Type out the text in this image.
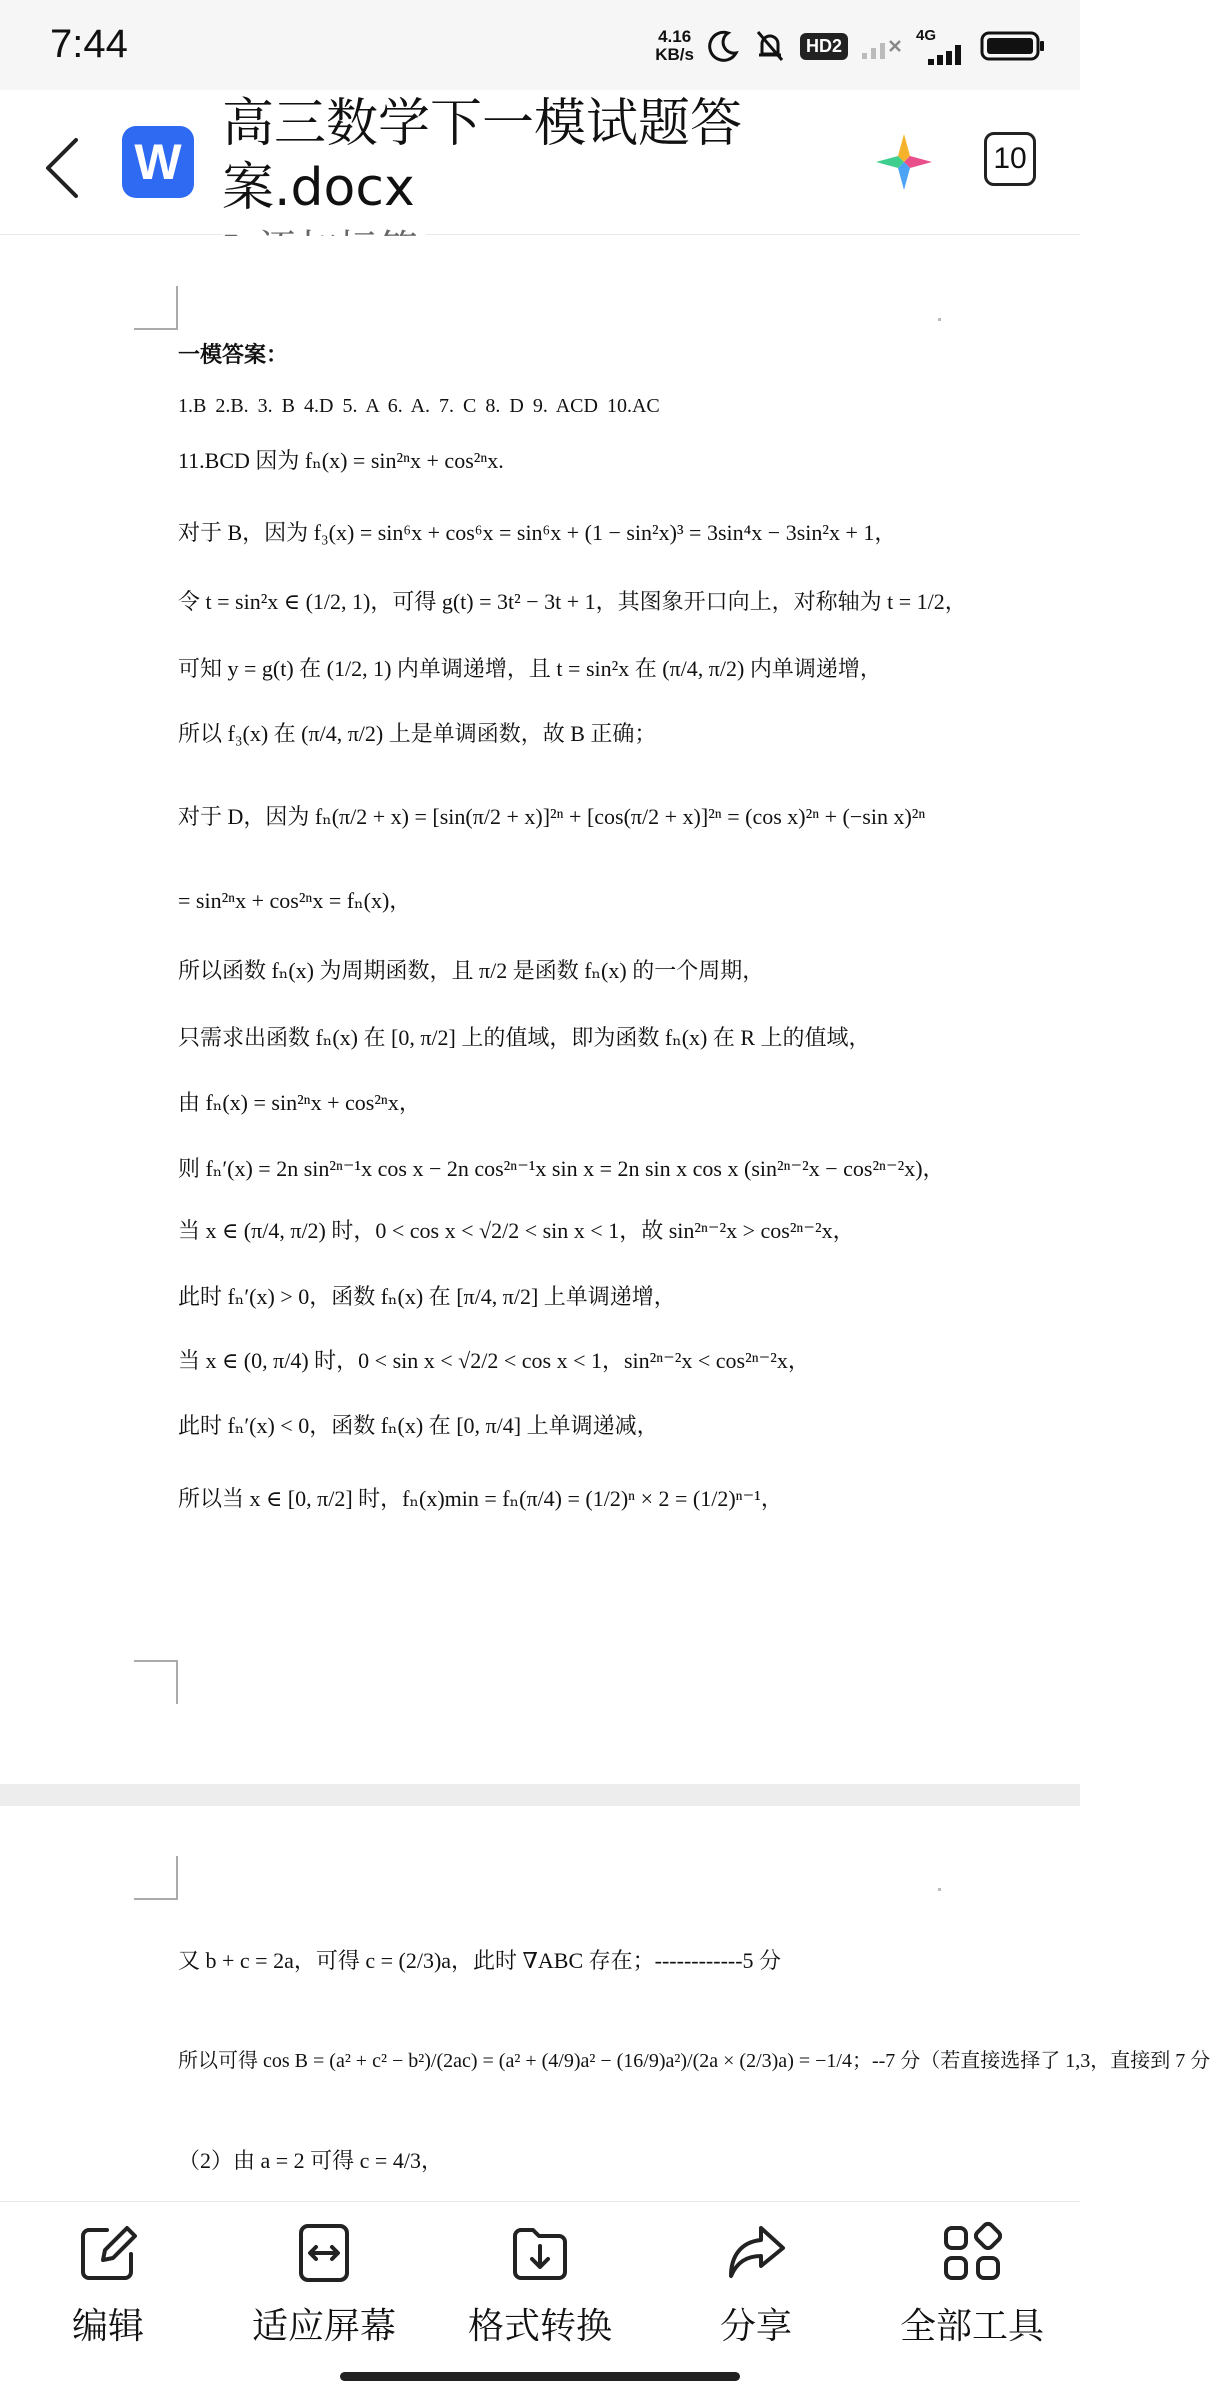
7:44	4.16
KB/s	HD2
4G
W
高三数学下一模试题答案.docx	10
一模答案：
1.B 2.B. 3. B 4.D 5. A 6. A. 7. C 8. D 9. ACD 10.AC
11.BCD 因为 fₙ(x) = sin²ⁿx + cos²ⁿx.
对于 B，因为 f₃(x) = sin⁶x + cos⁶x = sin⁶x + (1 − sin²x)³ = 3sin⁴x − 3sin²x + 1，
令 t = sin²x ∈ (1/2, 1)，可得 g(t) = 3t² − 3t + 1，其图象开口向上，对称轴为 t = 1/2，
可知 y = g(t) 在 (1/2, 1) 内单调递增，且 t = sin²x 在 (π/4, π/2) 内单调递增，
所以 f₃(x) 在 (π/4, π/2) 上是单调函数，故 B 正确；
对于 D，因为 fₙ(π/2 + x) = [sin(π/2 + x)]²ⁿ + [cos(π/2 + x)]²ⁿ = (cos x)²ⁿ + (−sin x)²ⁿ
= sin²ⁿx + cos²ⁿx = fₙ(x)，
所以函数 fₙ(x) 为周期函数，且 π/2 是函数 fₙ(x) 的一个周期，
只需求出函数 fₙ(x) 在 [0, π/2] 上的值域，即为函数 fₙ(x) 在 R 上的值域，
由 fₙ(x) = sin²ⁿx + cos²ⁿx，
则 fₙ′(x) = 2n sin²ⁿ⁻¹x cos x − 2n cos²ⁿ⁻¹x sin x = 2n sin x cos x (sin²ⁿ⁻²x − cos²ⁿ⁻²x)，
当 x ∈ (π/4, π/2) 时，0 < cos x < √2/2 < sin x < 1，故 sin²ⁿ⁻²x > cos²ⁿ⁻²x，
此时 fₙ′(x) > 0，函数 fₙ(x) 在 [π/4, π/2] 上单调递增，
当 x ∈ (0, π/4) 时，0 < sin x < √2/2 < cos x < 1，sin²ⁿ⁻²x < cos²ⁿ⁻²x，
此时 fₙ′(x) < 0，函数 fₙ(x) 在 [0, π/4] 上单调递减，
所以当 x ∈ [0, π/2] 时，fₙ(x)min = fₙ(π/4) = (1/2)ⁿ × 2 = (1/2)ⁿ⁻¹，
又 b + c = 2a，可得 c = (2/3)a，此时 ∇ABC 存在；------------5 分
所以可得 cos B = (a² + c² − b²)/(2ac) = (a² + (4/9)a² − (16/9)a²)/(2a × (2/3)a) = −1/4；--7 分（若直接选择了 1,3，直接到 7 分
（2）由 a = 2 可得 c = 4/3，
编辑	适应屏幕 格式转换	分享	全部工具
